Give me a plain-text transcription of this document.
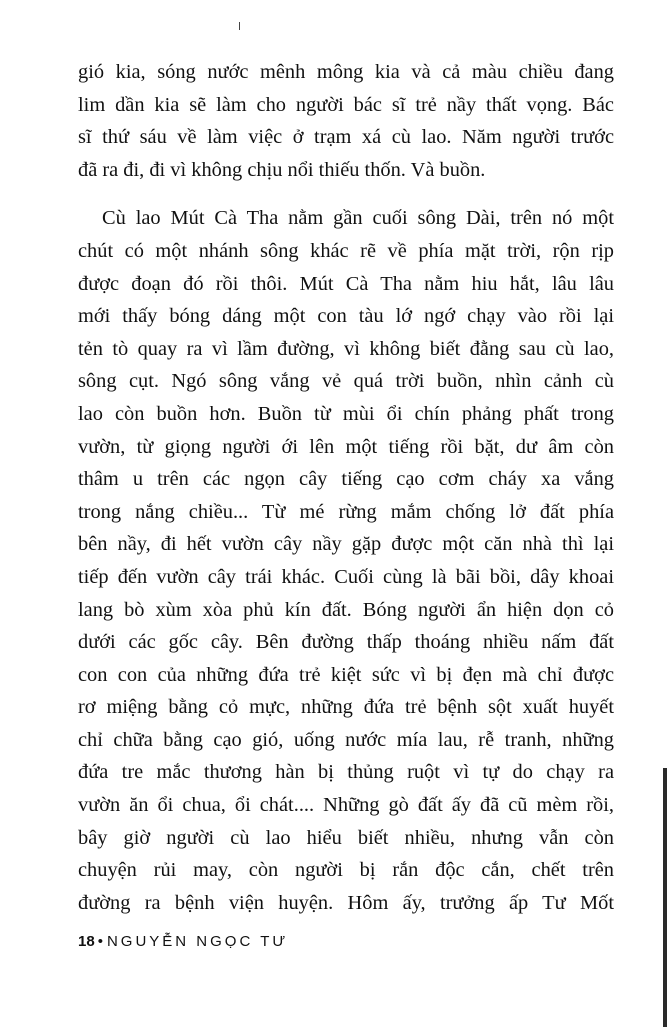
gió kia, sóng nước mênh mông kia và cả màu chiều đang
lim dần kia sẽ làm cho người bác sĩ trẻ nầy thất vọng. Bác
sĩ thứ sáu về làm việc ở trạm xá cù lao. Năm người trước
đã ra đi, đi vì không chịu nổi thiếu thốn. Và buồn.

Cù lao Mút Cà Tha nằm gần cuối sông Dài, trên nó một
chút có một nhánh sông khác rẽ về phía mặt trời, rộn rịp
được đoạn đó rồi thôi. Mút Cà Tha nằm hiu hắt, lâu lâu
mới thấy bóng dáng một con tàu lớ ngớ chạy vào rồi lại
tẻn tò quay ra vì lầm đường, vì không biết đằng sau cù lao,
sông cụt. Ngó sông vắng vẻ quá trời buồn, nhìn cảnh cù
lao còn buồn hơn. Buồn từ mùi ổi chín phảng phất trong
vườn, từ giọng người ới lên một tiếng rồi bặt, dư âm còn
thâm u trên các ngọn cây tiếng cạo cơm cháy xa vắng
trong nắng chiều... Từ mé rừng mắm chống lở đất phía
bên nầy, đi hết vườn cây nầy gặp được một căn nhà thì lại
tiếp đến vườn cây trái khác. Cuối cùng là bãi bồi, dây khoai
lang bò xùm xòa phủ kín đất. Bóng người ẩn hiện dọn cỏ
dưới các gốc cây. Bên đường thấp thoáng nhiều nấm đất
con con của những đứa trẻ kiệt sức vì bị đẹn mà chỉ được
rơ miệng bằng cỏ mực, những đứa trẻ bệnh sột xuất huyết
chỉ chữa bằng cạo gió, uống nước mía lau, rễ tranh, những
đứa tre mắc thương hàn bị thủng ruột vì tự do chạy ra
vườn ăn ổi chua, ổi chát.... Những gò đất ấy đã cũ mèm rồi,
bây giờ người cù lao hiểu biết nhiều, nhưng vẫn còn
chuyện rủi may, còn người bị rắn độc cắn, chết trên
đường ra bệnh viện huyện. Hôm ấy, trưởng ấp Tư Mốt

18 • NGUYỄN NGỌC TƯ
